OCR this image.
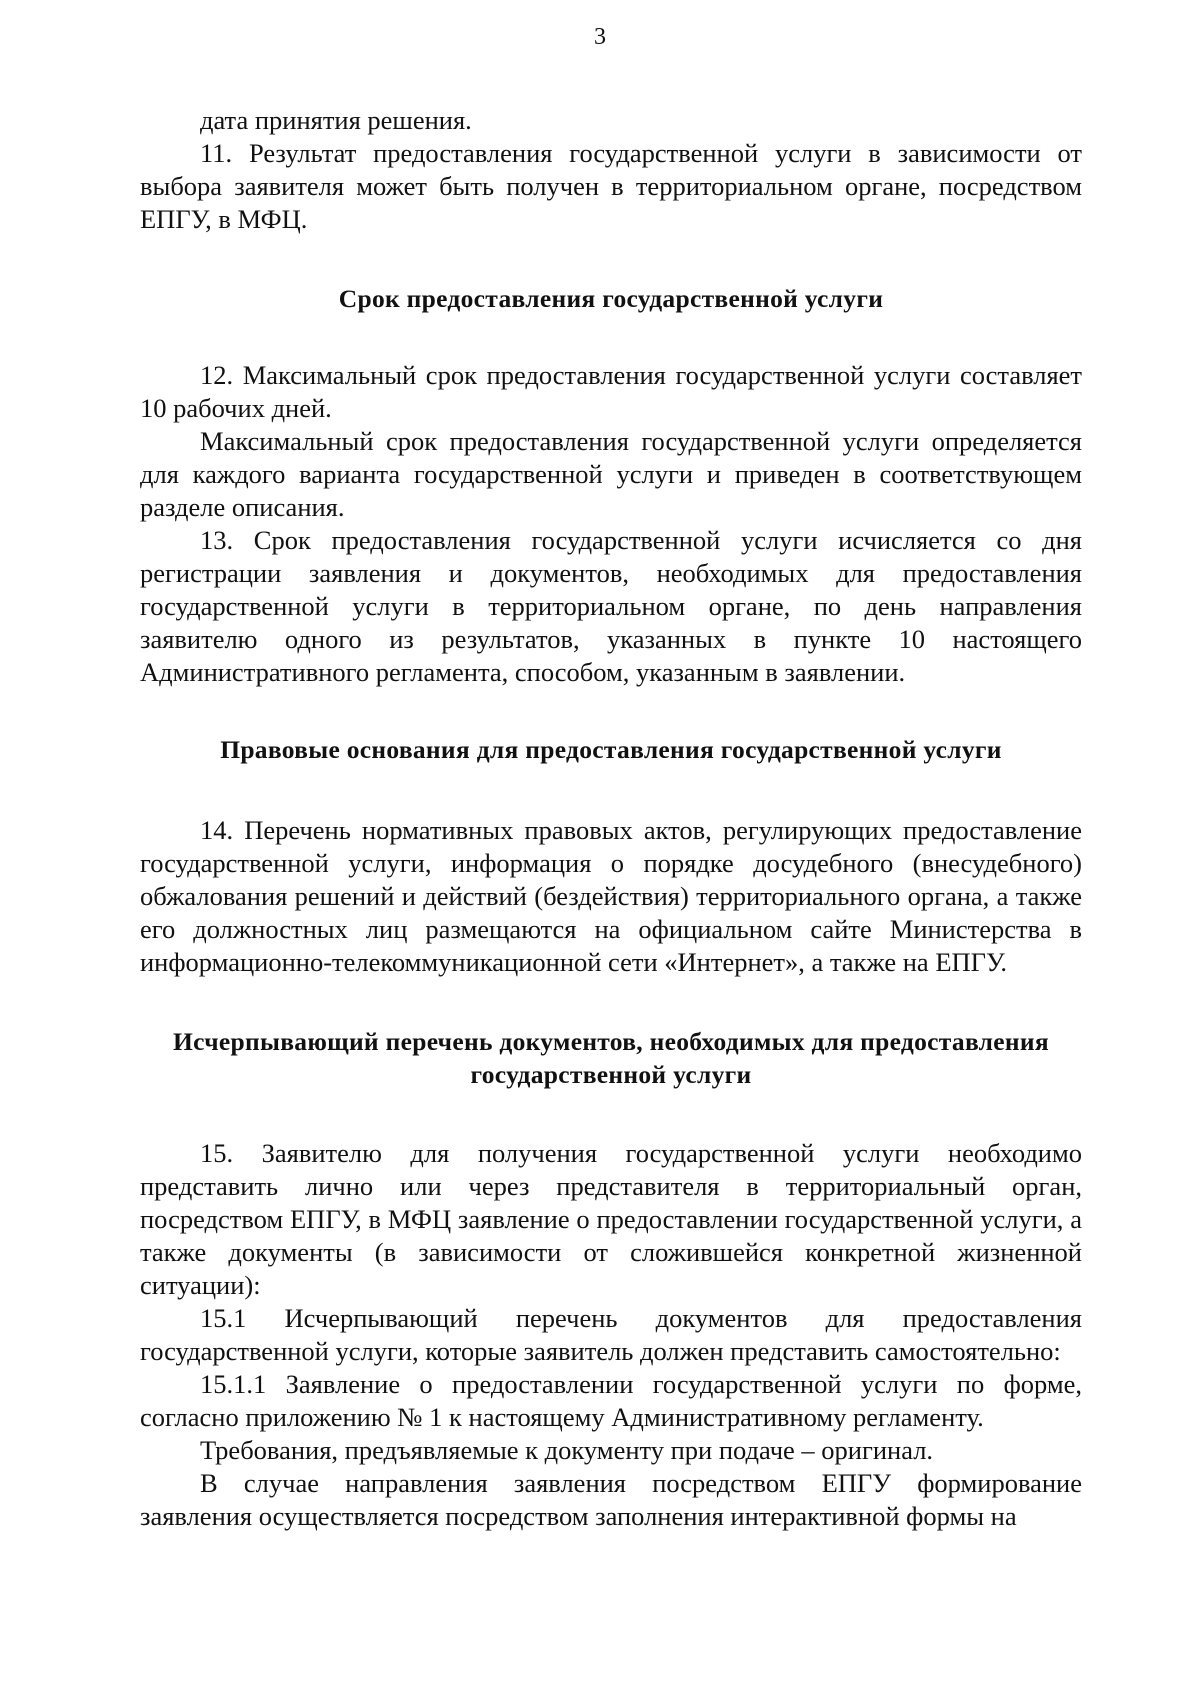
3

дата принятия решения.

11. Результат предоставления государственной услуги в зависимости от выбора заявителя может быть получен в территориальном органе, посредством ЕПГУ, в МФЦ.

Срок предоставления государственной услуги

12. Максимальный срок предоставления государственной услуги составляет 10 рабочих дней.

Максимальный срок предоставления государственной услуги определяется для каждого варианта государственной услуги и приведен в соответствующем разделе описания.

13. Срок предоставления государственной услуги исчисляется со дня регистрации заявления и документов, необходимых для предоставления государственной услуги в территориальном органе, по день направления заявителю одного из результатов, указанных в пункте 10 настоящего Административного регламента, способом, указанным в заявлении.

Правовые основания для предоставления государственной услуги

14. Перечень нормативных правовых актов, регулирующих предоставление государственной услуги, информация о порядке досудебного (внесудебного) обжалования решений и действий (бездействия) территориального органа, а также его должностных лиц размещаются на официальном сайте Министерства в информационно-телекоммуникационной сети «Интернет», а также на ЕПГУ.

Исчерпывающий перечень документов, необходимых для предоставления государственной услуги

15. Заявителю для получения государственной услуги необходимо представить лично или через представителя в территориальный орган, посредством ЕПГУ, в МФЦ заявление о предоставлении государственной услуги, а также документы (в зависимости от сложившейся конкретной жизненной ситуации):

15.1 Исчерпывающий перечень документов для предоставления государственной услуги, которые заявитель должен представить самостоятельно:

15.1.1 Заявление о предоставлении государственной услуги по форме, согласно приложению № 1 к настоящему Административному регламенту.

Требования, предъявляемые к документу при подаче – оригинал.

В случае направления заявления посредством ЕПГУ формирование заявления осуществляется посредством заполнения интерактивной формы на
